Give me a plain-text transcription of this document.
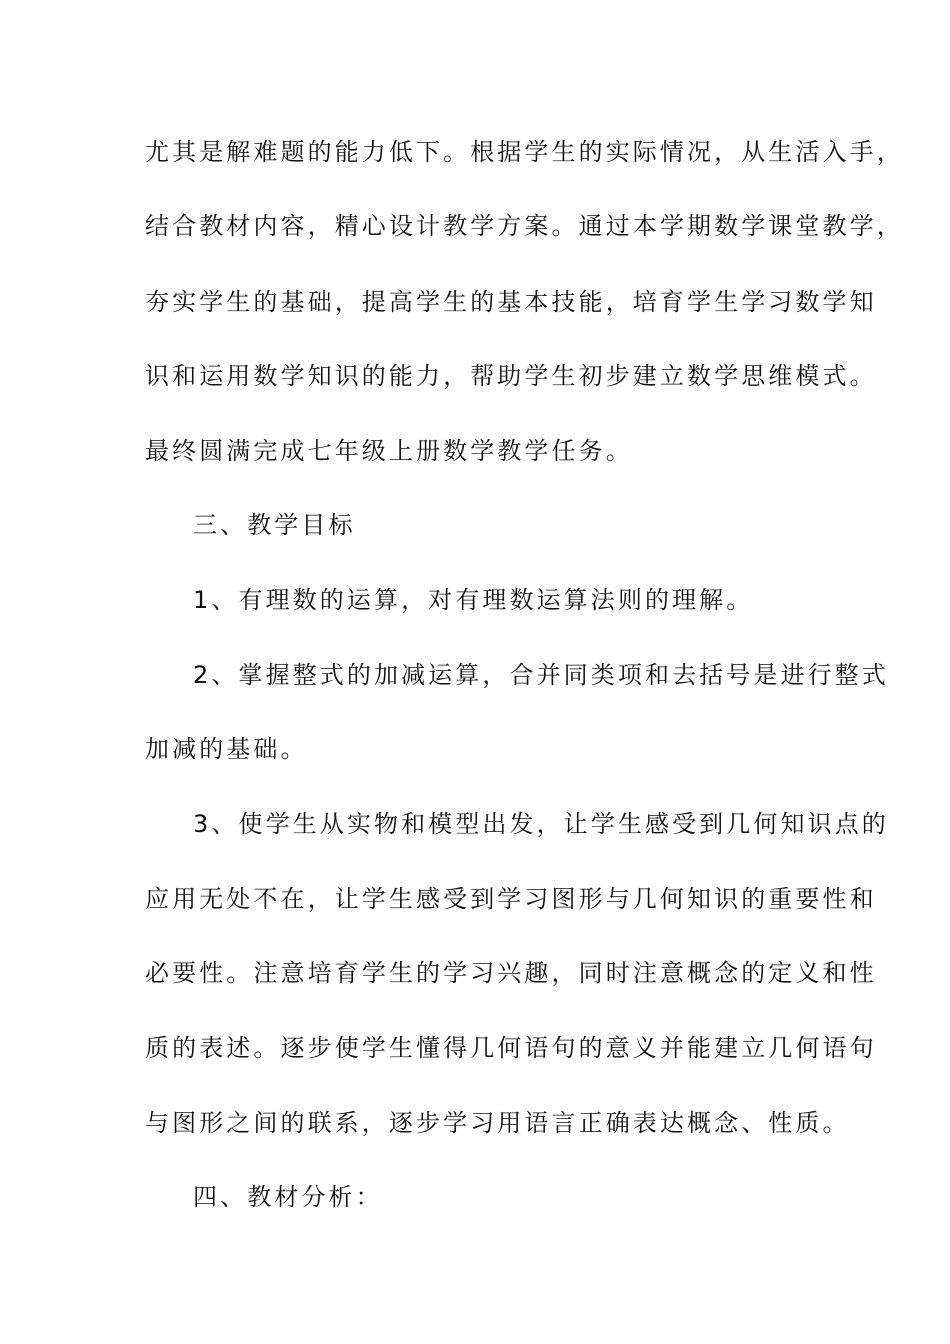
尤其是解难题的能力低下。根据学生的实际情况，从生活入手，
结合教材内容，精心设计教学方案。通过本学期数学课堂教学，
夯实学生的基础，提高学生的基本技能，培育学生学习数学知
识和运用数学知识的能力，帮助学生初步建立数学思维模式。
最终圆满完成七年级上册数学教学任务。
三、教学目标
1、有理数的运算，对有理数运算法则的理解。
2、掌握整式的加减运算，合并同类项和去括号是进行整式
加减的基础。
3、使学生从实物和模型出发，让学生感受到几何知识点的
应用无处不在，让学生感受到学习图形与几何知识的重要性和
必要性。注意培育学生的学习兴趣，同时注意概念的定义和性
质的表述。逐步使学生懂得几何语句的意义并能建立几何语句
与图形之间的联系，逐步学习用语言正确表达概念、性质。
四、教材分析：
